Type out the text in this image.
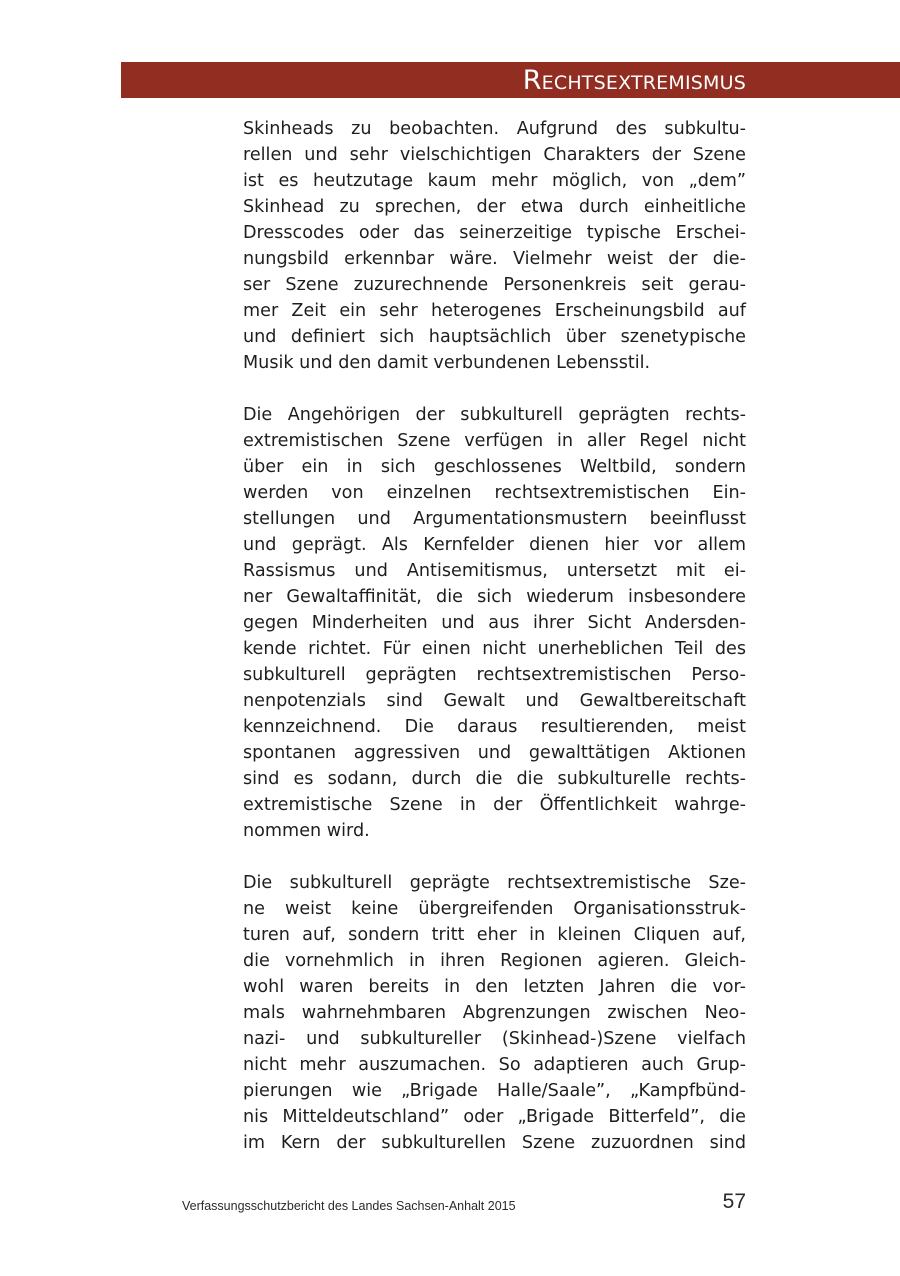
Rechtsextremismus

Skinheads zu beobachten. Aufgrund des subkultu-
rellen und sehr vielschichtigen Charakters der Szene
ist es heutzutage kaum mehr möglich, von „dem”
Skinhead zu sprechen, der etwa durch einheitliche
Dresscodes oder das seinerzeitige typische Erschei-
nungsbild erkennbar wäre. Vielmehr weist der die-
ser Szene zuzurechnende Personenkreis seit gerau-
mer Zeit ein sehr heterogenes Erscheinungsbild auf
und definiert sich hauptsächlich über szenetypische
Musik und den damit verbundenen Lebensstil.

Die Angehörigen der subkulturell geprägten rechts-
extremistischen Szene verfügen in aller Regel nicht
über ein in sich geschlossenes Weltbild, sondern
werden von einzelnen rechtsextremistischen Ein-
stellungen und Argumentationsmustern beeinflusst
und geprägt. Als Kernfelder dienen hier vor allem
Rassismus und Antisemitismus, untersetzt mit ei-
ner Gewaltaffinität, die sich wiederum insbesondere
gegen Minderheiten und aus ihrer Sicht Andersden-
kende richtet. Für einen nicht unerheblichen Teil des
subkulturell geprägten rechtsextremistischen Perso-
nenpotenzials sind Gewalt und Gewaltbereitschaft
kennzeichnend. Die daraus resultierenden, meist
spontanen aggressiven und gewalttätigen Aktionen
sind es sodann, durch die die subkulturelle rechts-
extremistische Szene in der Öffentlichkeit wahrge-
nommen wird.

Die subkulturell geprägte rechtsextremistische Sze-
ne weist keine übergreifenden Organisationsstruk-
turen auf, sondern tritt eher in kleinen Cliquen auf,
die vornehmlich in ihren Regionen agieren. Gleich-
wohl waren bereits in den letzten Jahren die vor-
mals wahrnehmbaren Abgrenzungen zwischen Neo-
nazi- und subkultureller (Skinhead-)Szene vielfach
nicht mehr auszumachen. So adaptieren auch Grup-
pierungen wie „Brigade Halle/Saale”, „Kampfbünd-
nis Mitteldeutschland” oder „Brigade Bitterfeld”, die
im Kern der subkulturellen Szene zuzuordnen sind

Verfassungsschutzbericht des Landes Sachsen-Anhalt 2015	57
